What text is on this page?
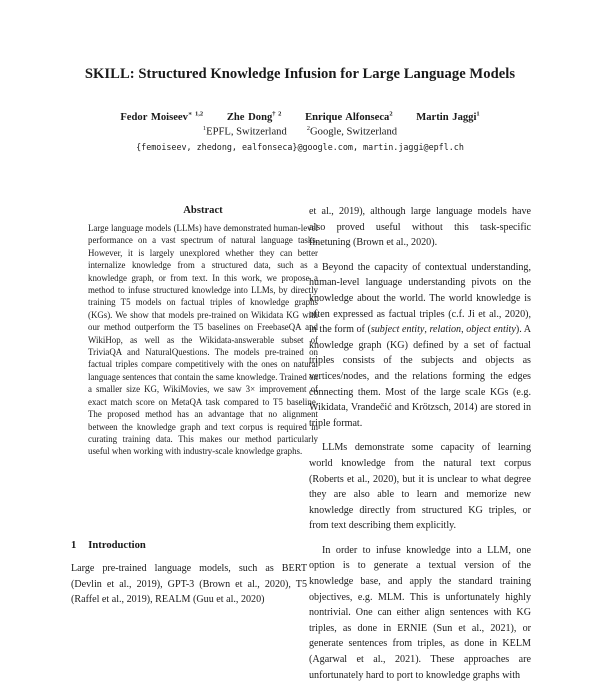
SKILL: Structured Knowledge Infusion for Large Language Models
Fedor Moiseev$^{∗ 1,2}$ Zhe Dong$^{\dagger 2}$ Enrique Alfonseca$^2$ Martin Jaggi$^1$
$^1$EPFL, Switzerland	$^2$Google, Switzerland
{femoiseev, zhedong, ealfonseca}@google.com, martin.jaggi@epfl.ch
Abstract
Large language models (LLMs) have demonstrated human-level performance on a vast spectrum of natural language tasks. However, it is largely unexplored whether they can better internalize knowledge from a structured data, such as a knowledge graph, or from text. In this work, we propose a method to infuse structured knowledge into LLMs, by directly training T5 models on factual triples of knowledge graphs (KGs). We show that models pre-trained on Wikidata KG with our method outperform the T5 baselines on FreebaseQA and WikiHop, as well as the Wikidata-answerable subset of TriviaQA and NaturalQuestions. The models pre-trained on factual triples compare competitively with the ones on natural language sentences that contain the same knowledge. Trained on a smaller size KG, WikiMovies, we saw 3× improvement of exact match score on MetaQA task compared to T5 baseline. The proposed method has an advantage that no alignment between the knowledge graph and text corpus is required in curating training data. This makes our method particularly useful when working with industry-scale knowledge graphs.
1 Introduction
Large pre-trained language models, such as BERT (Devlin et al., 2019), GPT-3 (Brown et al., 2020), T5 (Raffel et al., 2019), REALM (Guu et al., 2020)

et al., 2019), although large language models have also proved useful without this task-specific finetuning (Brown et al., 2020).

Beyond the capacity of contextual understanding, human-level language understanding pivots on the knowledge about the world. The world knowledge is often expressed as factual triples (c.f. Ji et al., 2020), in the form of (subject entity, relation, object entity). A knowledge graph (KG) defined by a set of factual triples consists of the subjects and objects as vertices/nodes, and the relations forming the edges connecting them. Most of the large scale KGs (e.g. Wikidata, Vrandečić and Krötzsch, 2014) are stored in triple format.

LLMs demonstrate some capacity of learning world knowledge from the natural text corpus (Roberts et al., 2020), but it is unclear to what degree they are also able to learn and memorize new knowledge directly from structured KG triples, or from text describing them explicitly.

In order to infuse knowledge into a LLM, one option is to generate a textual version of the knowledge base, and apply the standard training objectives, e.g. MLM. This is unfortunately highly nontrivial. One can either align sentences with KG triples, as done in ERNIE (Sun et al., 2021), or generate sentences from triples, as done in KELM (Agarwal et al., 2021). These approaches are unfortunately hard to port to knowledge graphs with
